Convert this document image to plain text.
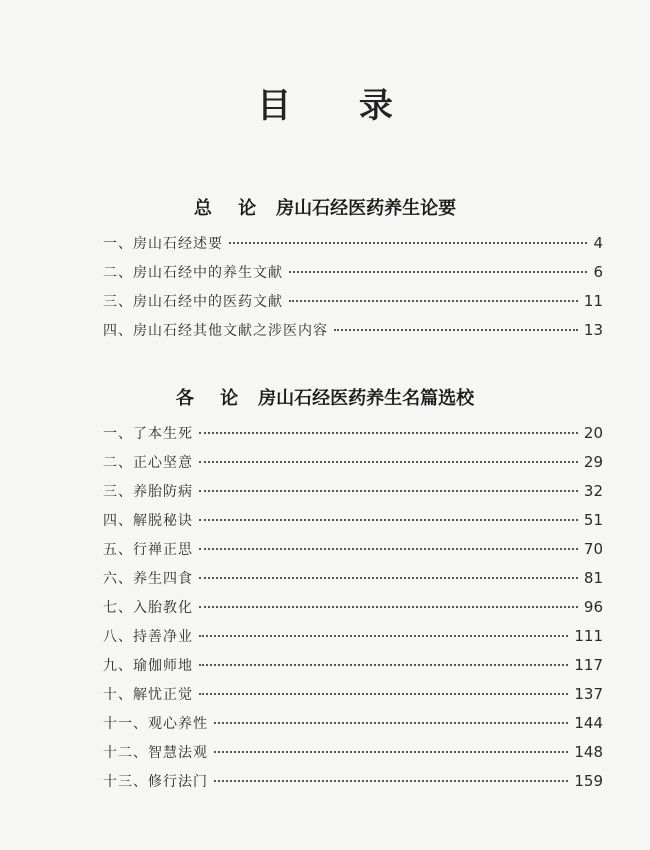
目 录
总 论 房山石经医药养生论要
一、房山石经述要	4
二、房山石经中的养生文献	6
三、房山石经中的医药文献	11
四、房山石经其他文献之涉医内容	13
各 论 房山石经医药养生名篇选校
一、了本生死	20
二、正心坚意	29
三、养胎防病	32
四、解脱秘诀	51
五、行禅正思	70
六、养生四食	81
七、入胎教化	96
八、持善净业	111
九、瑜伽师地	117
十、解忧正觉	137
十一、观心养性	144
十二、智慧法观	148
十三、修行法门	159
